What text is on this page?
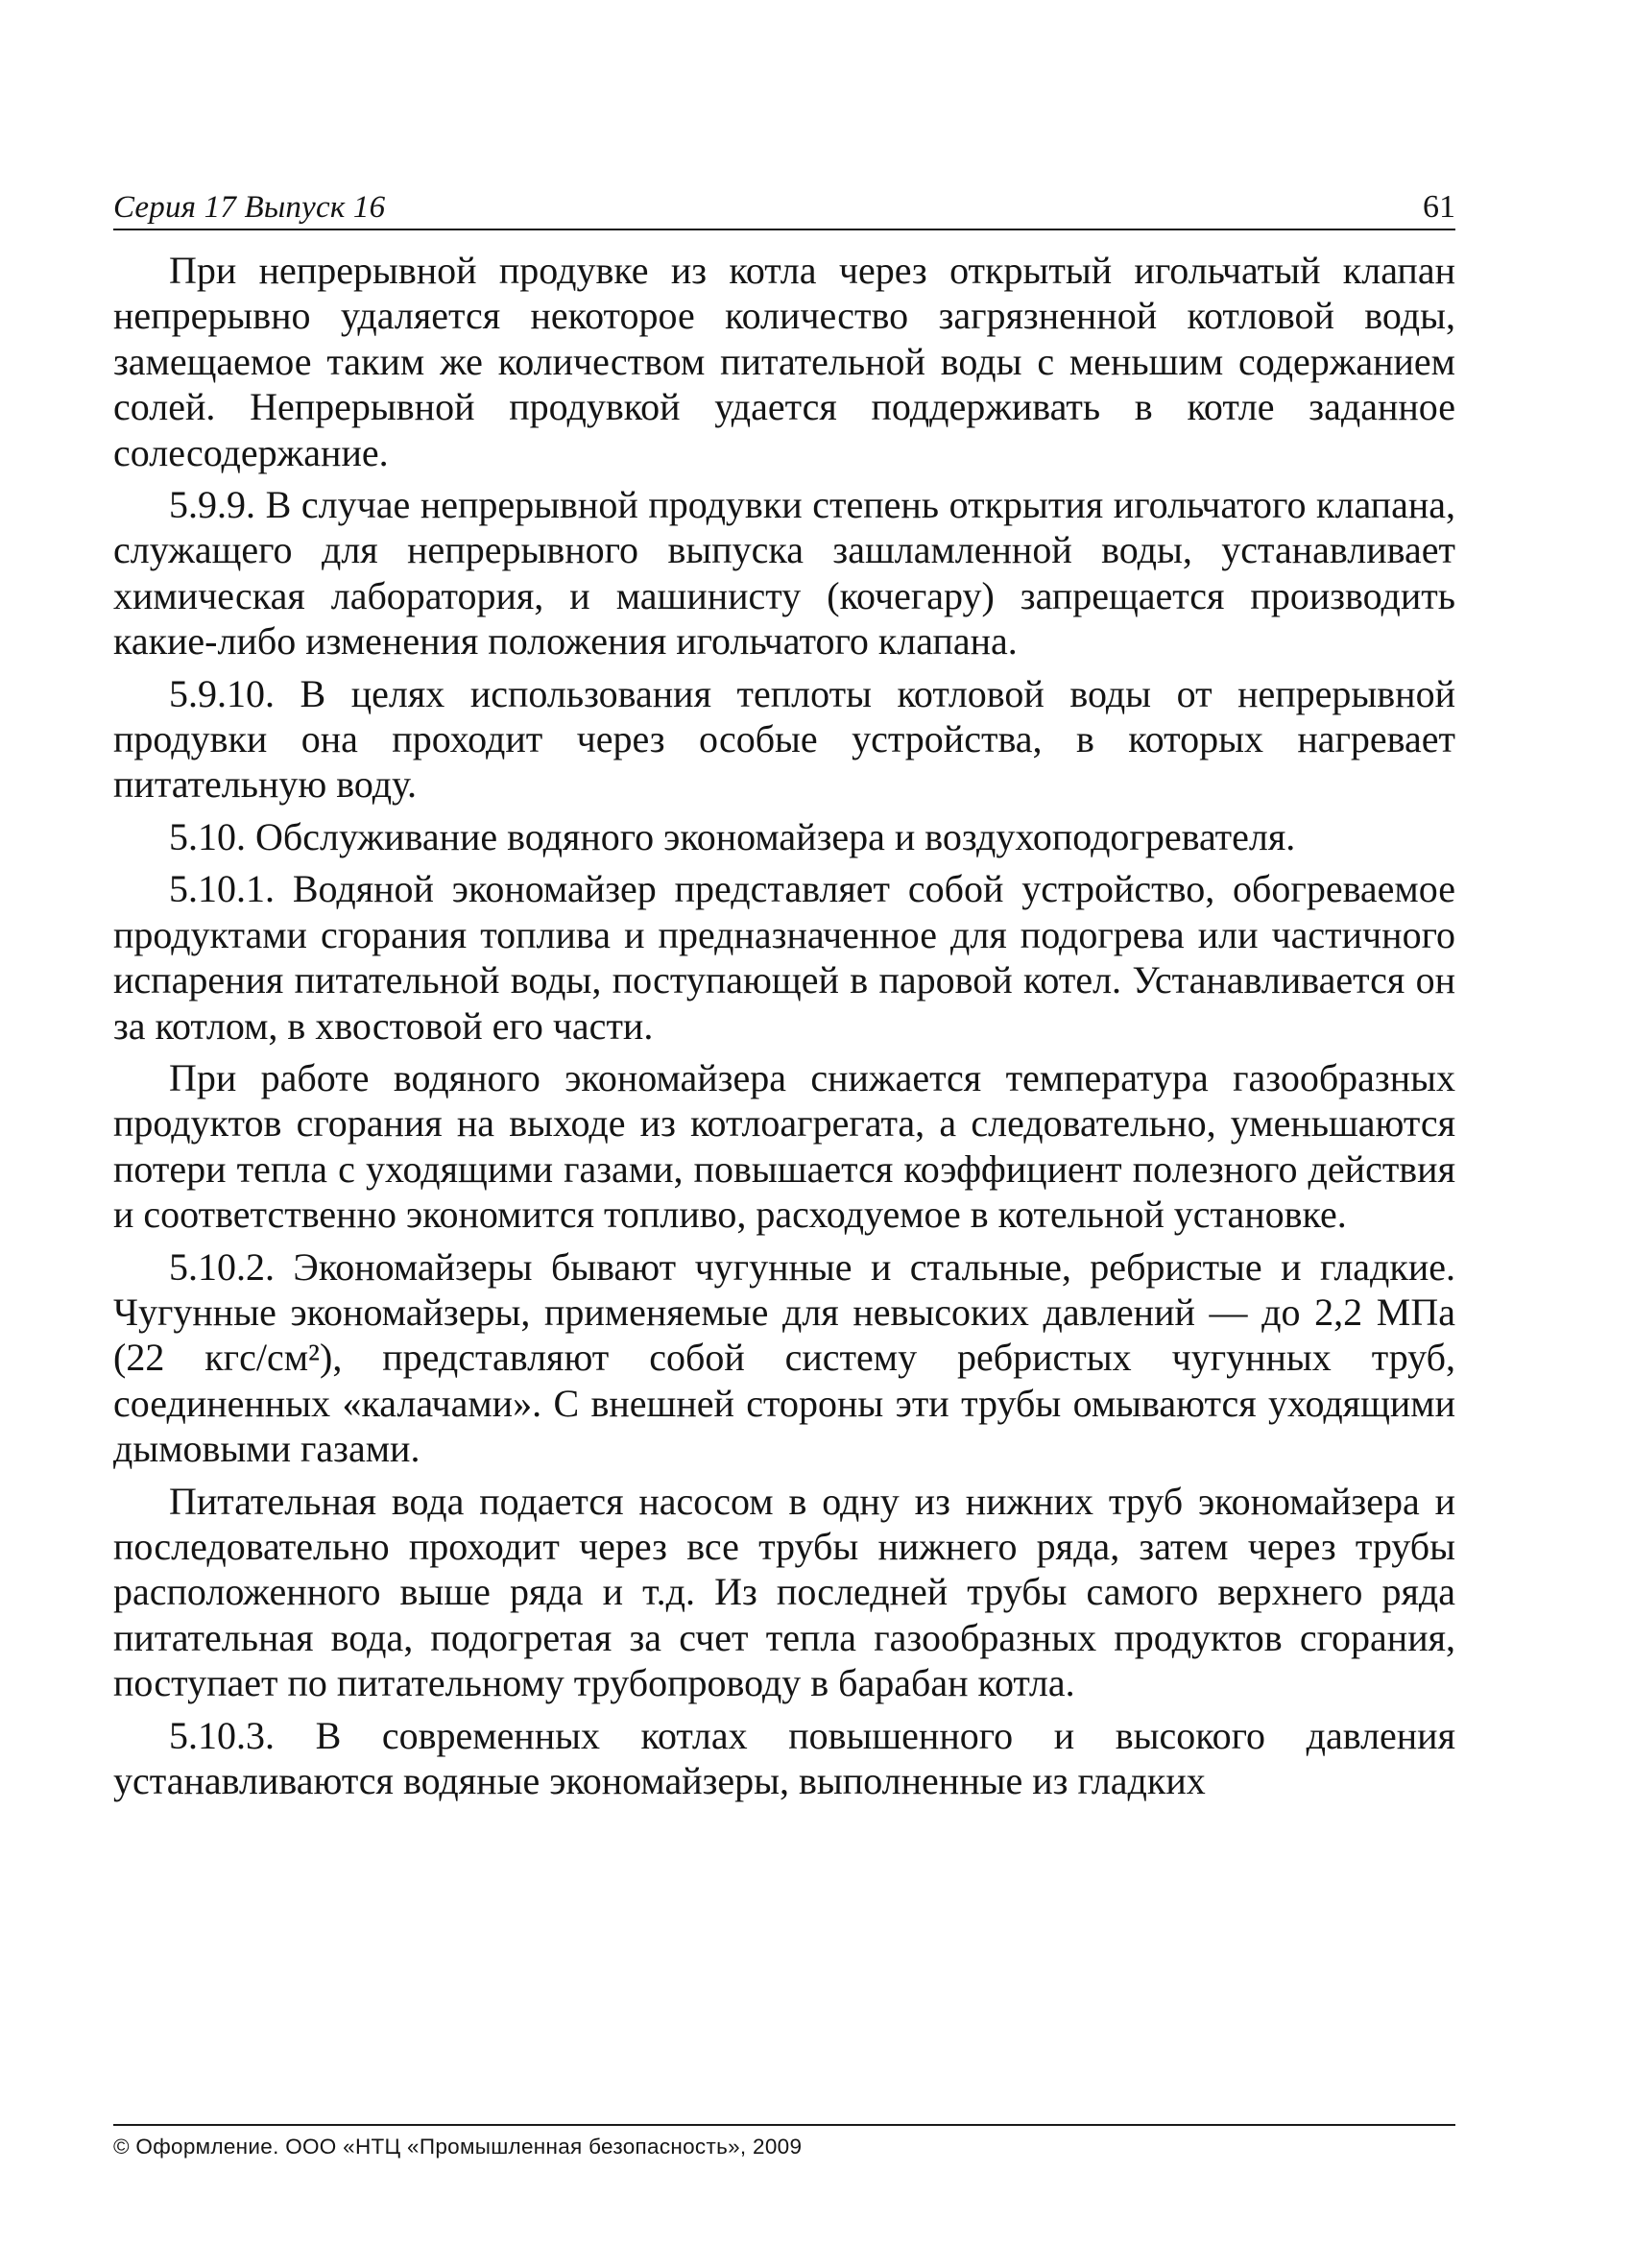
Серия 17 Выпуск 16	61

При непрерывной продувке из котла через открытый игольчатый клапан непрерывно удаляется некоторое количество загрязненной котловой воды, замещаемое таким же количеством питательной воды с меньшим содержанием солей. Непрерывной продувкой удается поддерживать в котле заданное солесодержание.

5.9.9. В случае непрерывной продувки степень открытия игольчатого клапана, служащего для непрерывного выпуска зашламленной воды, устанавливает химическая лаборатория, и машинисту (кочегару) запрещается производить какие-либо изменения положения игольчатого клапана.

5.9.10. В целях использования теплоты котловой воды от непрерывной продувки она проходит через особые устройства, в которых нагревает питательную воду.

5.10. Обслуживание водяного экономайзера и воздухоподогревателя.

5.10.1. Водяной экономайзер представляет собой устройство, обогреваемое продуктами сгорания топлива и предназначенное для подогрева или частичного испарения питательной воды, поступающей в паровой котел. Устанавливается он за котлом, в хвостовой его части.

При работе водяного экономайзера снижается температура газообразных продуктов сгорания на выходе из котлоагрегата, а следовательно, уменьшаются потери тепла с уходящими газами, повышается коэффициент полезного действия и соответственно экономится топливо, расходуемое в котельной установке.

5.10.2. Экономайзеры бывают чугунные и стальные, ребристые и гладкие. Чугунные экономайзеры, применяемые для невысоких давлений — до 2,2 МПа (22 кгс/см²), представляют собой систему ребристых чугунных труб, соединенных «калачами». С внешней стороны эти трубы омываются уходящими дымовыми газами.

Питательная вода подается насосом в одну из нижних труб экономайзера и последовательно проходит через все трубы нижнего ряда, затем через трубы расположенного выше ряда и т.д. Из последней трубы самого верхнего ряда питательная вода, подогретая за счет тепла газообразных продуктов сгорания, поступает по питательному трубопроводу в барабан котла.

5.10.3. В современных котлах повышенного и высокого давления устанавливаются водяные экономайзеры, выполненные из гладких

© Оформление. ООО «НТЦ «Промышленная безопасность», 2009
